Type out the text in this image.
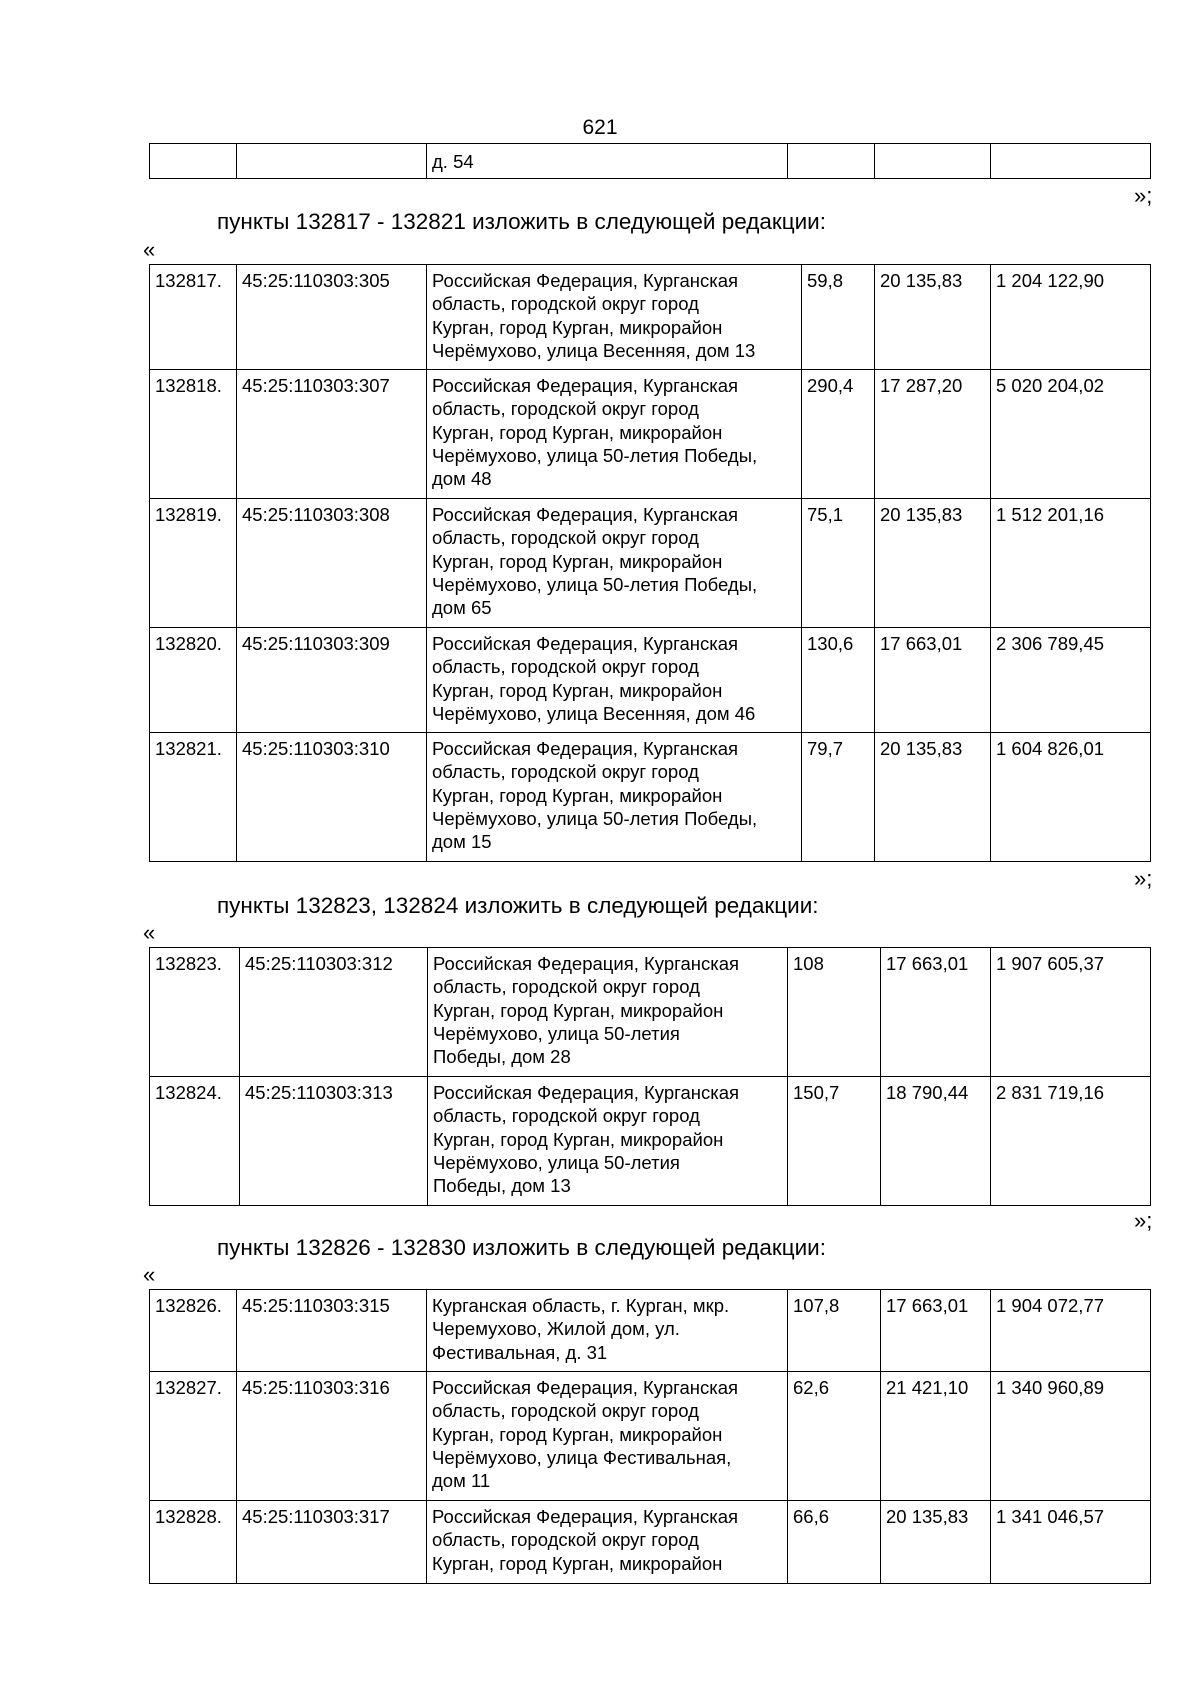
621
		д. 54			
»;
пункты 132817 - 132821 изложить в следующей редакции:
«
132817.	45:25:110303:305	Российская Федерация, Курганская
область, городской округ город
Курган, город Курган, микрорайон
Черёмухово, улица Весенняя, дом 13	59,8	20 135,83	1 204 122,90
132818.	45:25:110303:307	Российская Федерация, Курганская
область, городской округ город
Курган, город Курган, микрорайон
Черёмухово, улица 50-летия Победы,
дом 48	290,4	17 287,20	5 020 204,02
132819.	45:25:110303:308	Российская Федерация, Курганская
область, городской округ город
Курган, город Курган, микрорайон
Черёмухово, улица 50-летия Победы,
дом 65	75,1	20 135,83	1 512 201,16
132820.	45:25:110303:309	Российская Федерация, Курганская
область, городской округ город
Курган, город Курган, микрорайон
Черёмухово, улица Весенняя, дом 46	130,6	17 663,01	2 306 789,45
132821.	45:25:110303:310	Российская Федерация, Курганская
область, городской округ город
Курган, город Курган, микрорайон
Черёмухово, улица 50-летия Победы,
дом 15	79,7	20 135,83	1 604 826,01
»;
пункты 132823, 132824 изложить в следующей редакции:
«
132823.	45:25:110303:312	Российская Федерация, Курганская
область, городской округ город
Курган, город Курган, микрорайон
Черёмухово, улица 50-летия
Победы, дом 28	108	17 663,01	1 907 605,37
132824.	45:25:110303:313	Российская Федерация, Курганская
область, городской округ город
Курган, город Курган, микрорайон
Черёмухово, улица 50-летия
Победы, дом 13	150,7	18 790,44	2 831 719,16
»;
пункты 132826 - 132830 изложить в следующей редакции:
«
132826.	45:25:110303:315	Курганская область, г. Курган, мкр.
Черемухово, Жилой дом, ул.
Фестивальная, д. 31	107,8	17 663,01	1 904 072,77
132827.	45:25:110303:316	Российская Федерация, Курганская
область, городской округ город
Курган, город Курган, микрорайон
Черёмухово, улица Фестивальная,
дом 11	62,6	21 421,10	1 340 960,89
132828.	45:25:110303:317	Российская Федерация, Курганская
область, городской округ город
Курган, город Курган, микрорайон	66,6	20 135,83	1 341 046,57
